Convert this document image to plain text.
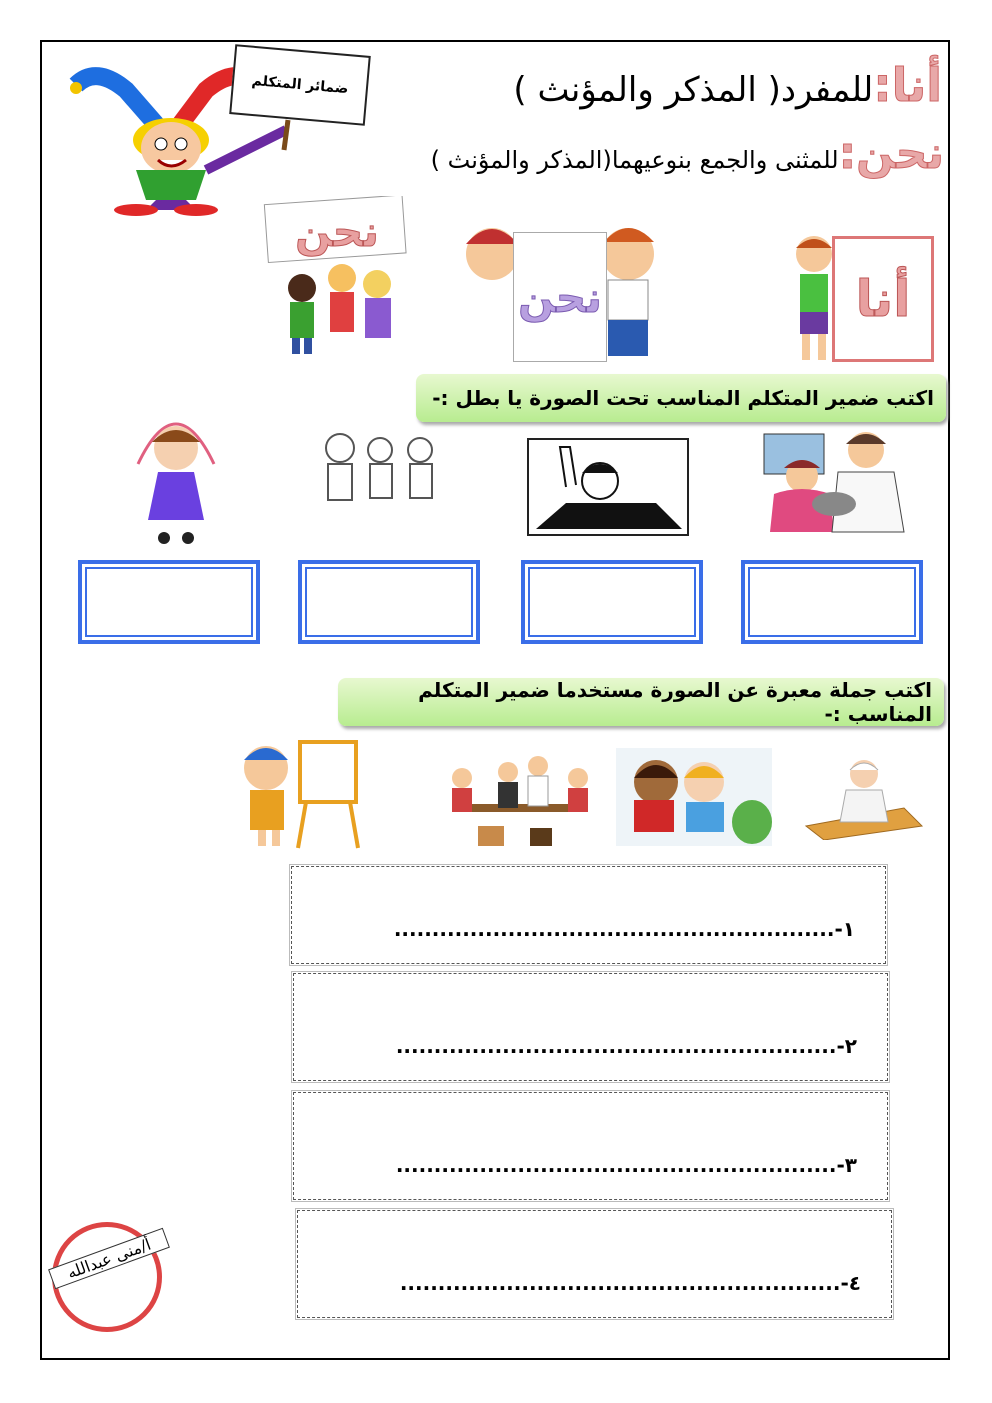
ضمائر المتكلم	أنا:للمفرد( المذكر والمؤنث )
نحن:للمثنى والجمع بنوعيهما(المذكر والمؤنث )
نحن
نحن	أنا
اكتب ضمير المتكلم المناسب تحت الصورة يا بطل :-
اكتب جملة معبرة عن الصورة مستخدما ضمير المتكلم المناسب :-
١-..........................................................
٢-..........................................................
٣-..........................................................
٤-..........................................................
أ/منى عبدالله
